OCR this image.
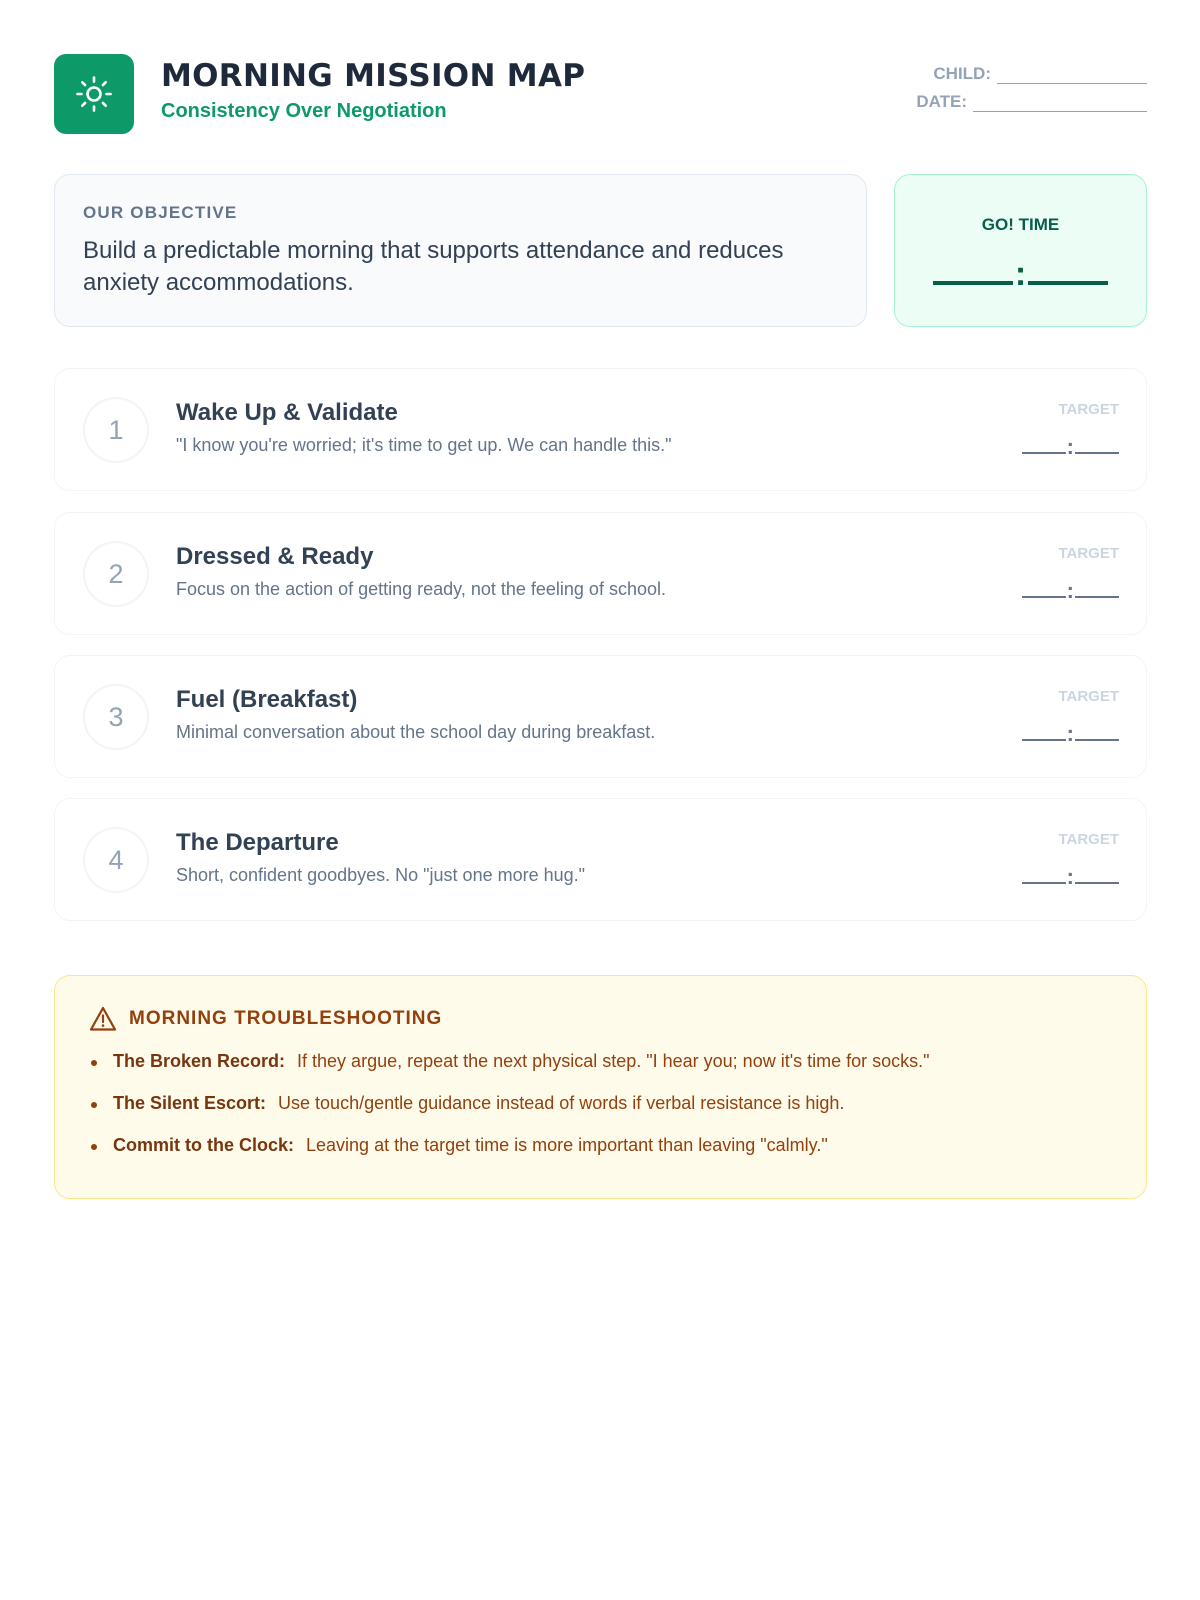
MORNING MISSION MAP
Consistency Over Negotiation
CHILD:
DATE:
OUR OBJECTIVE
Build a predictable morning that supports attendance and reduces anxiety accommodations.
GO! TIME
:
1
Wake Up & Validate
"I know you're worried; it's time to get up. We can handle this."
TARGET
:
2
Dressed & Ready
Focus on the action of getting ready, not the feeling of school.
TARGET
:
3
Fuel (Breakfast)
Minimal conversation about the school day during breakfast.
TARGET
:
4
The Departure
Short, confident goodbyes. No "just one more hug."
TARGET
:
MORNING TROUBLESHOOTING
The Broken Record: If they argue, repeat the next physical step. "I hear you; now it's time for socks."
The Silent Escort: Use touch/gentle guidance instead of words if verbal resistance is high.
Commit to the Clock: Leaving at the target time is more important than leaving "calmly."
